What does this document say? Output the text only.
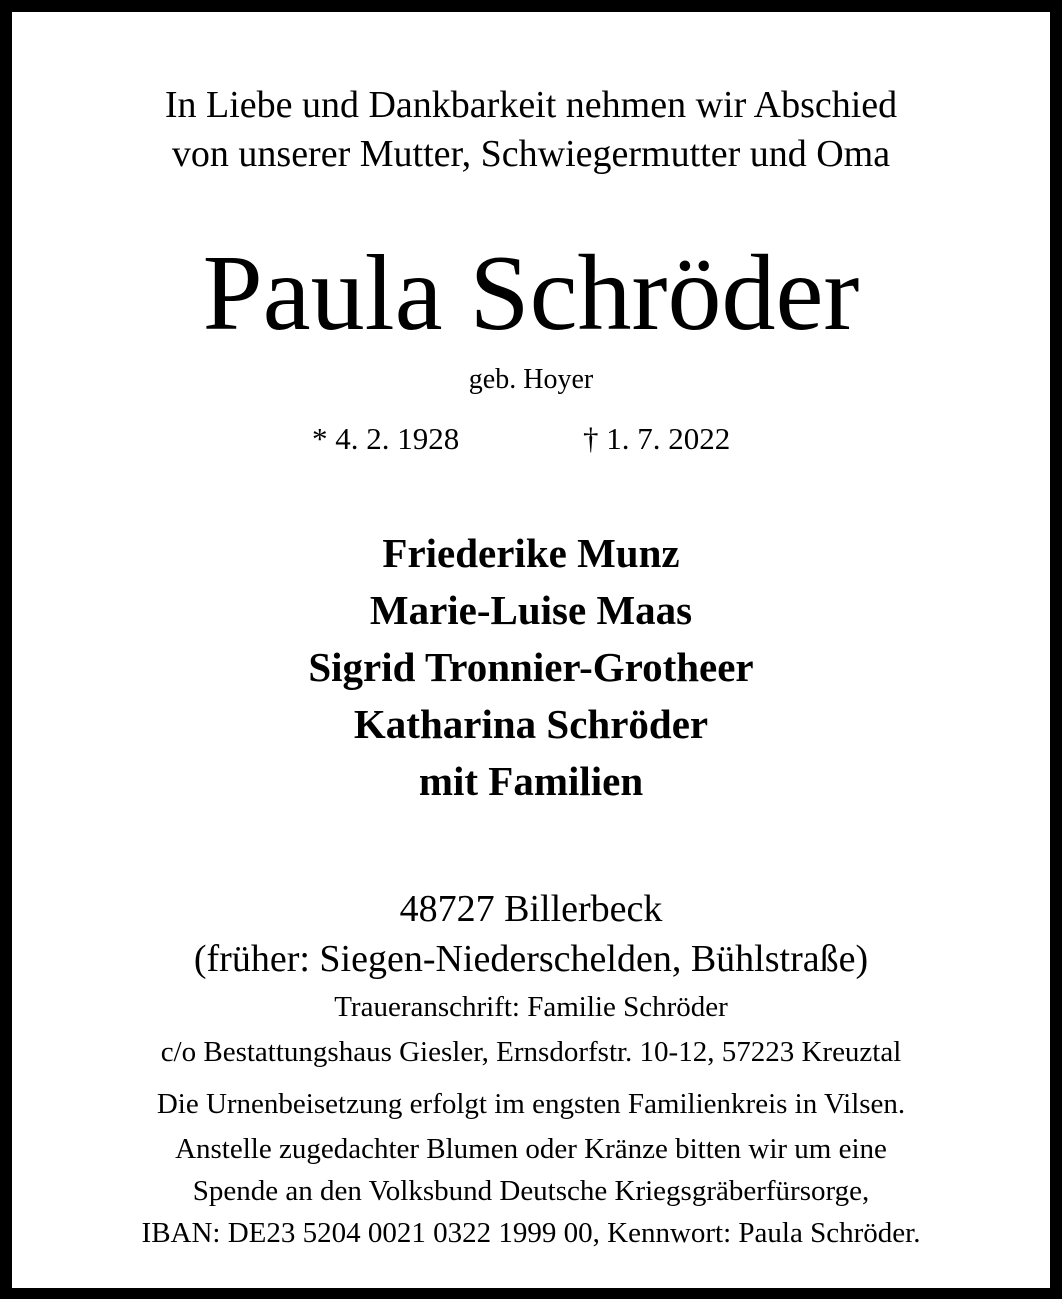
In Liebe und Dankbarkeit nehmen wir Abschied
von unserer Mutter, Schwiegermutter und Oma
Paula Schröder
geb. Hoyer
* 4. 2. 1928	† 1. 7. 2022
Friederike Munz
Marie-Luise Maas
Sigrid Tronnier-Grotheer
Katharina Schröder
mit Familien
48727 Billerbeck
(früher: Siegen-Niederschelden, Bühlstraße)
Traueranschrift: Familie Schröder
c/o Bestattungshaus Giesler, Ernsdorfstr. 10-12, 57223 Kreuztal
Die Urnenbeisetzung erfolgt im engsten Familienkreis in Vilsen.
Anstelle zugedachter Blumen oder Kränze bitten wir um eine
Spende an den Volksbund Deutsche Kriegsgräberfürsorge,
IBAN: DE23 5204 0021 0322 1999 00, Kennwort: Paula Schröder.
